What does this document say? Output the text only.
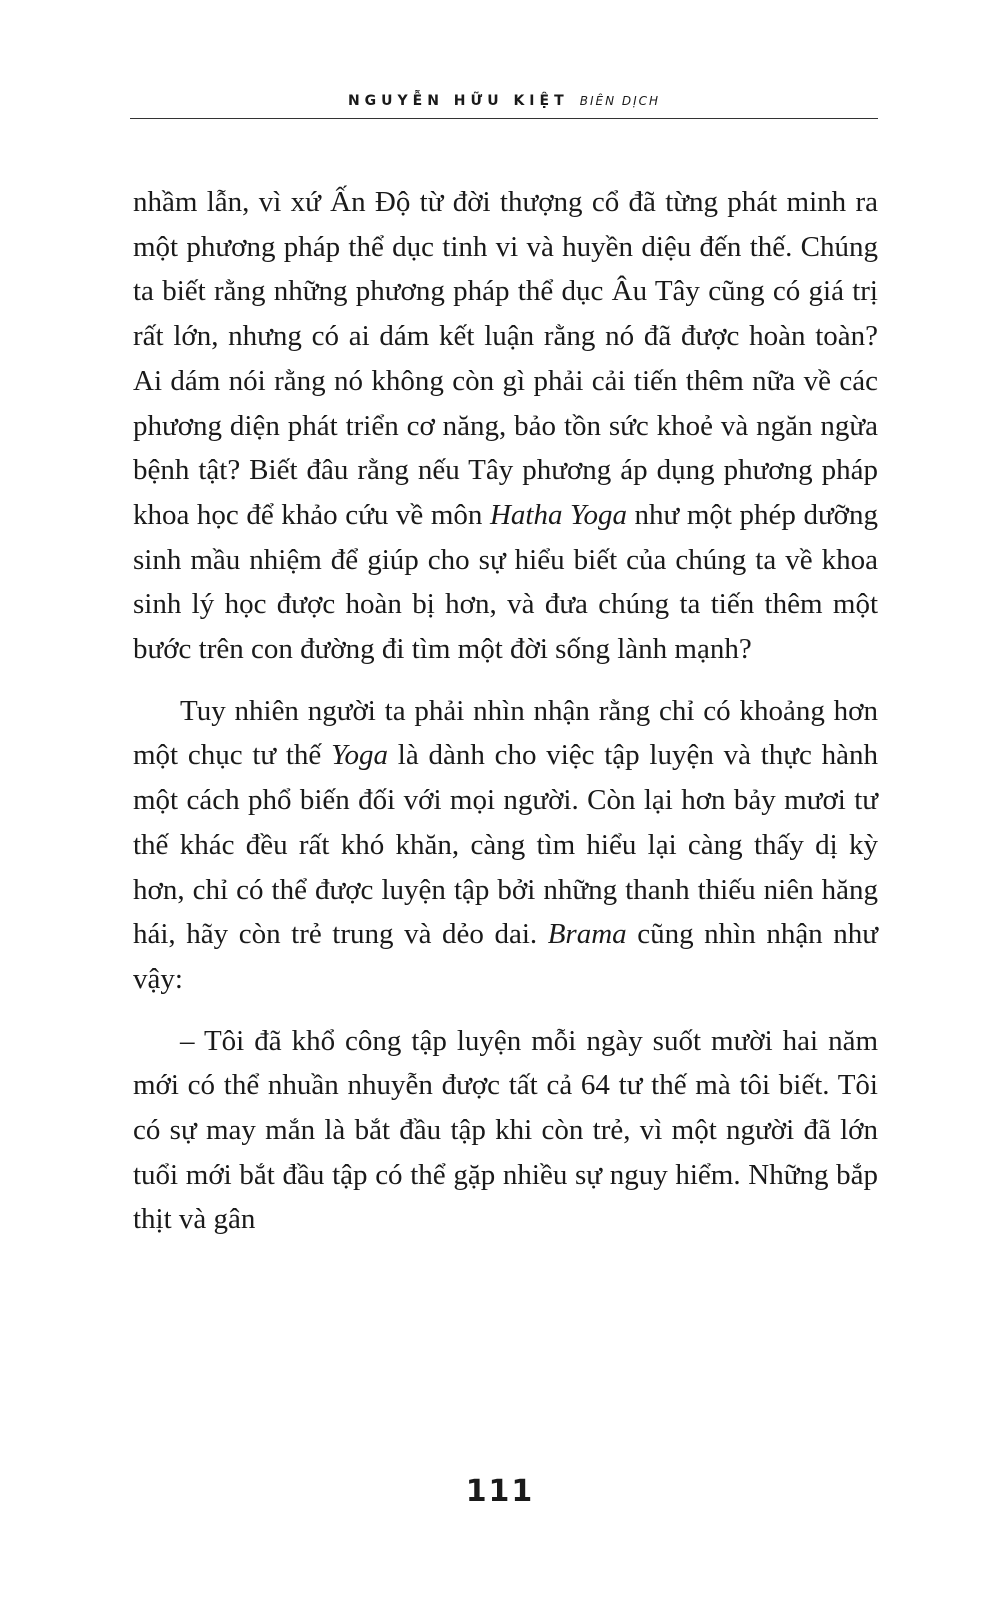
NGUYỄN HỮU KIỆT BIÊN DỊCH

nhầm lẫn, vì xứ Ấn Độ từ đời thượng cổ đã từng phát minh ra một phương pháp thể dục tinh vi và huyền diệu đến thế. Chúng ta biết rằng những phương pháp thể dục Âu Tây cũng có giá trị rất lớn, nhưng có ai dám kết luận rằng nó đã được hoàn toàn? Ai dám nói rằng nó không còn gì phải cải tiến thêm nữa về các phương diện phát triển cơ năng, bảo tồn sức khoẻ và ngăn ngừa bệnh tật? Biết đâu rằng nếu Tây phương áp dụng phương pháp khoa học để khảo cứu về môn Hatha Yoga như một phép dưỡng sinh mầu nhiệm để giúp cho sự hiểu biết của chúng ta về khoa sinh lý học được hoàn bị hơn, và đưa chúng ta tiến thêm một bước trên con đường đi tìm một đời sống lành mạnh?

Tuy nhiên người ta phải nhìn nhận rằng chỉ có khoảng hơn một chục tư thế Yoga là dành cho việc tập luyện và thực hành một cách phổ biến đối với mọi người. Còn lại hơn bảy mươi tư thế khác đều rất khó khăn, càng tìm hiểu lại càng thấy dị kỳ hơn, chỉ có thể được luyện tập bởi những thanh thiếu niên hăng hái, hãy còn trẻ trung và dẻo dai. Brama cũng nhìn nhận như vậy:

– Tôi đã khổ công tập luyện mỗi ngày suốt mười hai năm mới có thể nhuần nhuyễn được tất cả 64 tư thế mà tôi biết. Tôi có sự may mắn là bắt đầu tập khi còn trẻ, vì một người đã lớn tuổi mới bắt đầu tập có thể gặp nhiều sự nguy hiểm. Những bắp thịt và gân

111
